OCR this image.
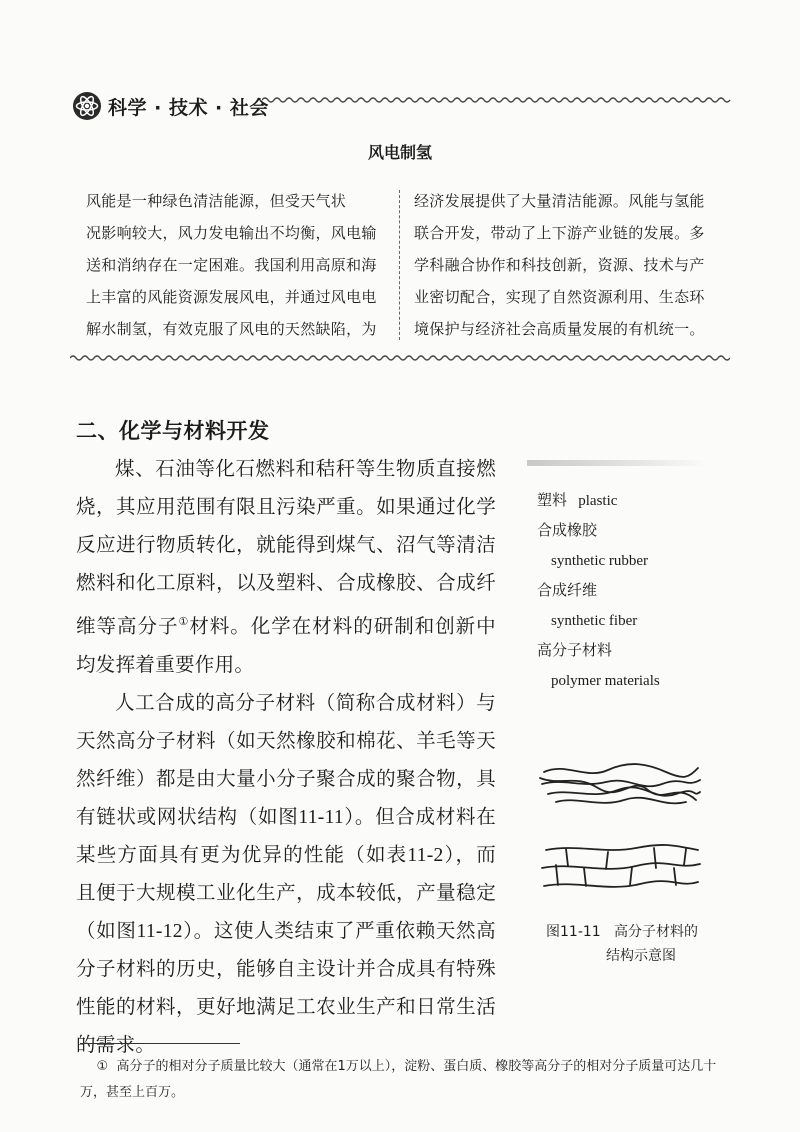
科学 · 技术 · 社会
风电制氢

风能是一种绿色清洁能源，但受天气状

况影响较大，风力发电输出不均衡，风电输

送和消纳存在一定困难。我国利用高原和海

上丰富的风能资源发展风电，并通过风电电

解水制氢，有效克服了风电的天然缺陷，为

经济发展提供了大量清洁能源。风能与氢能

联合开发，带动了上下游产业链的发展。多

学科融合协作和科技创新，资源、技术与产

业密切配合，实现了自然资源利用、生态环

境保护与经济社会高质量发展的有机统一。

二、化学与材料开发

煤、石油等化石燃料和秸秆等生物质直接燃烧，其应用范围有限且污染严重。如果通过化学反应进行物质转化，就能得到煤气、沼气等清洁燃料和化工原料，以及塑料、合成橡胶、合成纤维等高分子①材料。化学在材料的研制和创新中均发挥着重要作用。

人工合成的高分子材料（简称合成材料）与天然高分子材料（如天然橡胶和棉花、羊毛等天然纤维）都是由大量小分子聚合成的聚合物，具有链状或网状结构（如图11-11）。但合成材料在某些方面具有更为优异的性能（如表11-2），而且便于大规模工业化生产，成本较低，产量稳定（如图11-12）。这使人类结束了严重依赖天然高分子材料的历史，能够自主设计并合成具有特殊性能的材料，更好地满足工农业生产和日常生活的需求。

塑料 plastic
合成橡胶
synthetic rubber
合成纤维
synthetic fiber
高分子材料
polymer materials
图11-11 高分子材料的
结构示意图
① 高分子的相对分子质量比较大（通常在1万以上），淀粉、蛋白质、橡胶等高分子的相对分子质量可达几十万，甚至上百万。
